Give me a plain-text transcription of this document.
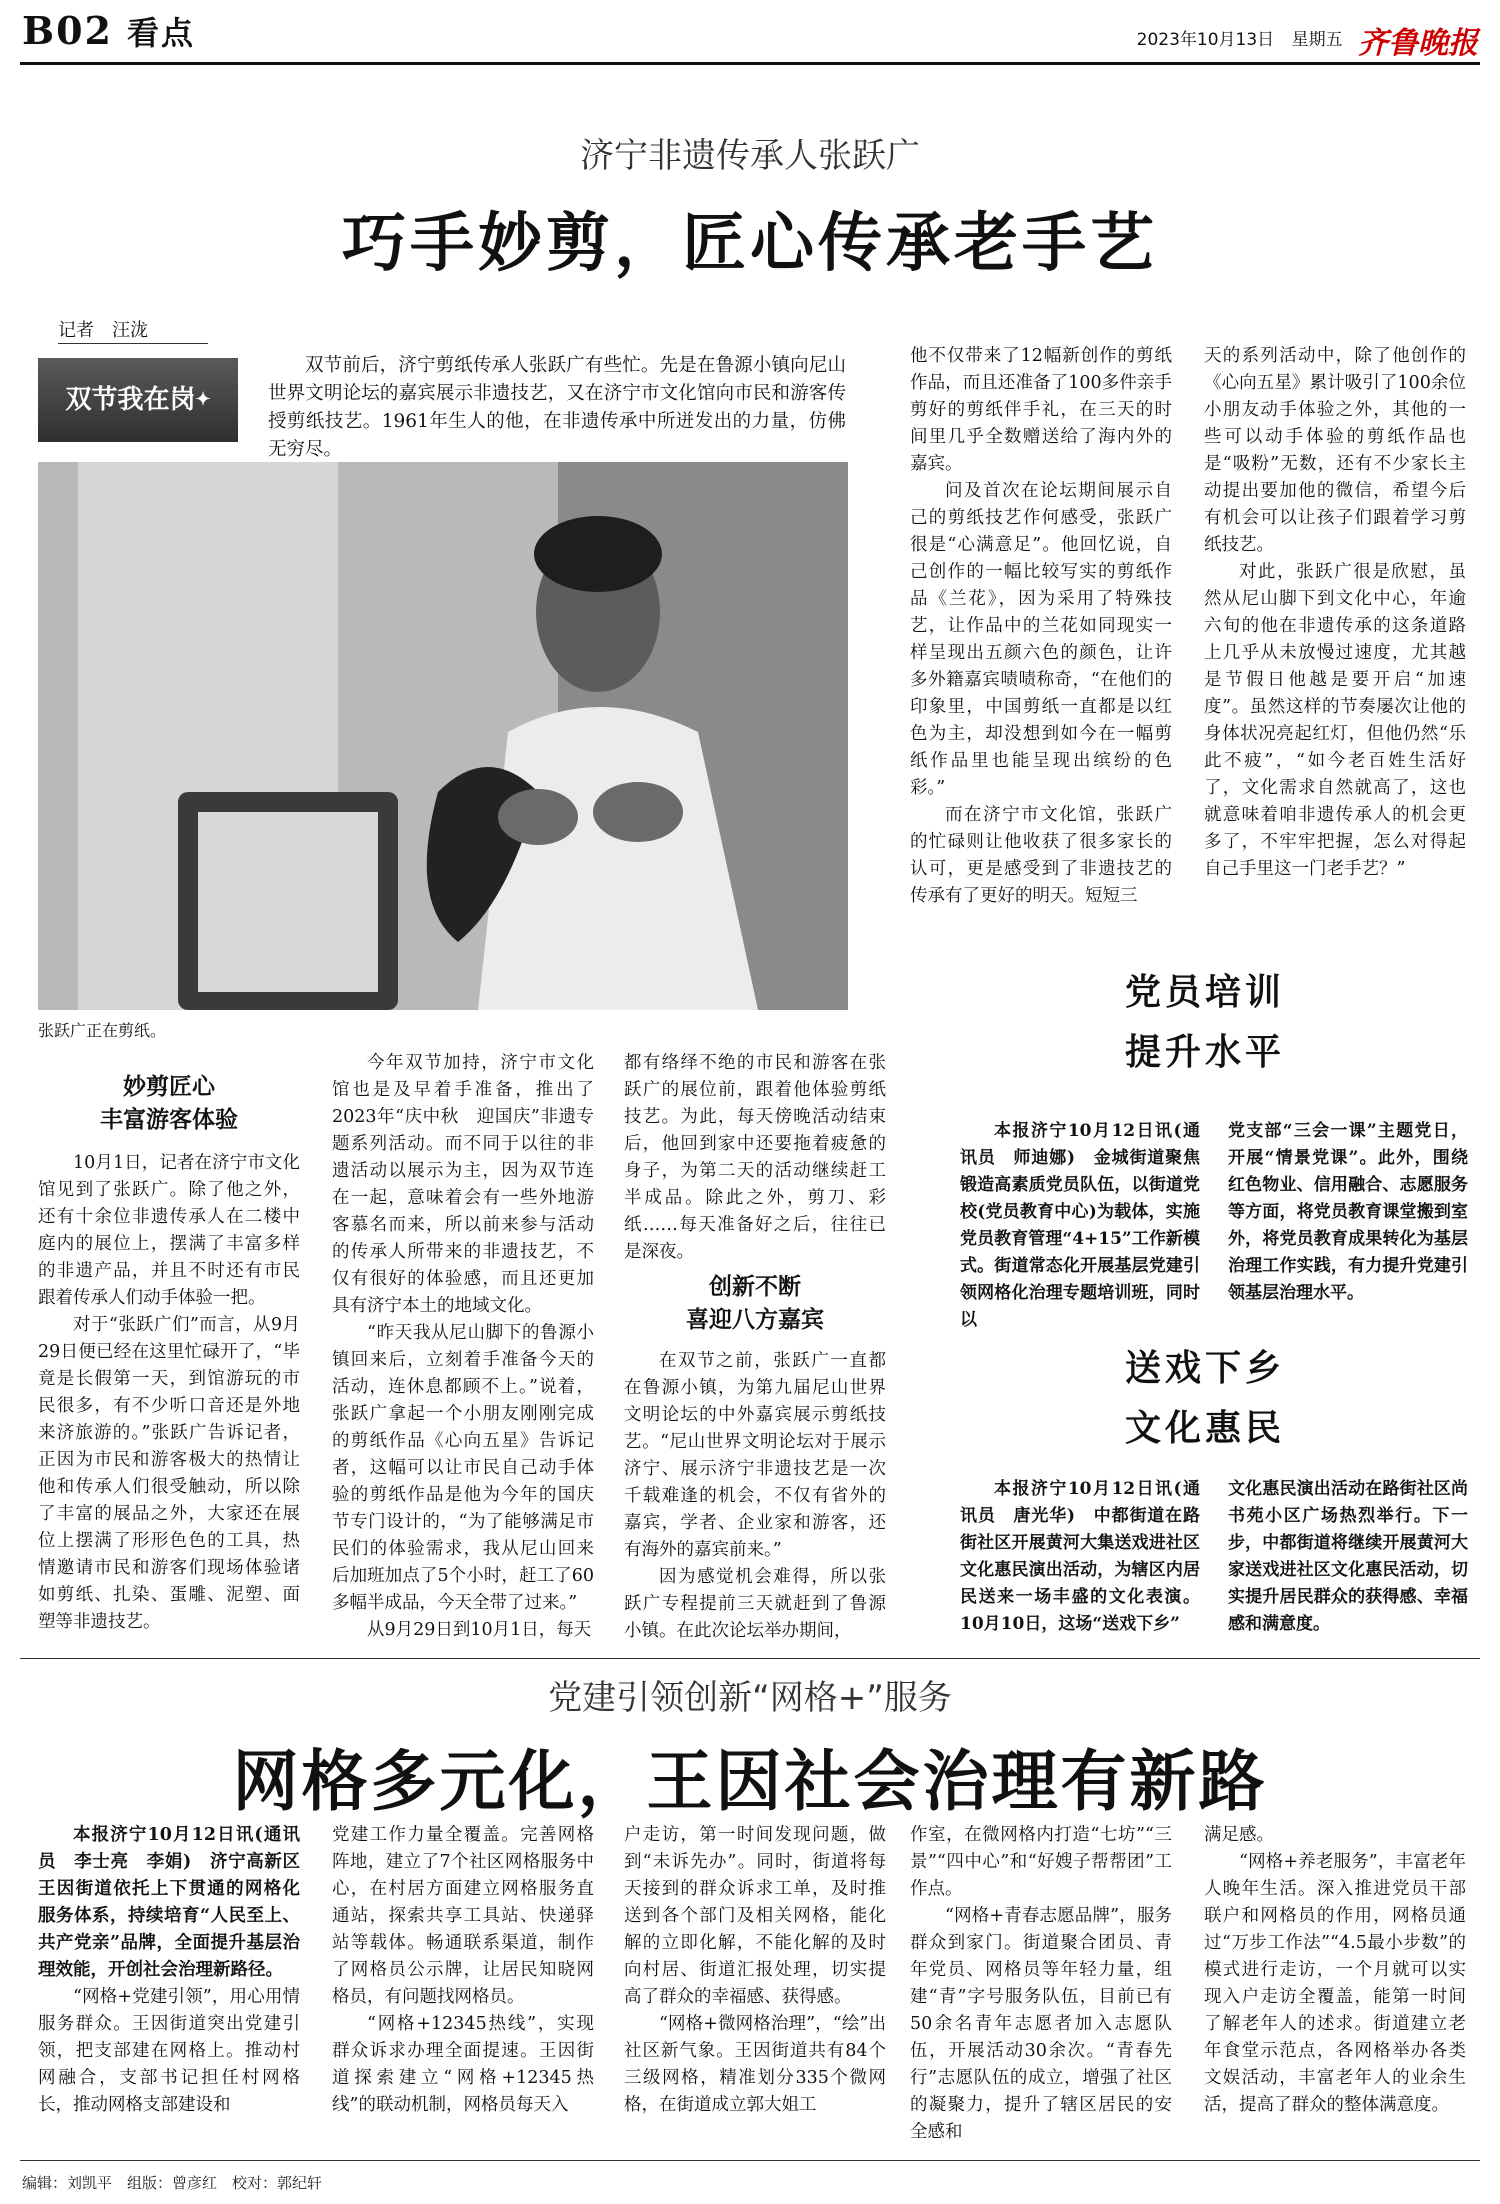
B02 看点	2023年10月13日 星期五 齐鲁晚报
济宁非遗传承人张跃广
巧手妙剪，匠心传承老手艺
记者　汪泷
双节我在岗✦

双节前后，济宁剪纸传承人张跃广有些忙。先是在鲁源小镇向尼山世界文明论坛的嘉宾展示非遗技艺，又在济宁市文化馆向市民和游客传授剪纸技艺。1961年生人的他，在非遗传承中所迸发出的力量，仿佛无穷尽。

张跃广正在剪纸。

他不仅带来了12幅新创作的剪纸作品，而且还准备了100多件亲手剪好的剪纸伴手礼，在三天的时间里几乎全数赠送给了海内外的嘉宾。

问及首次在论坛期间展示自己的剪纸技艺作何感受，张跃广很是“心满意足”。他回忆说，自己创作的一幅比较写实的剪纸作品《兰花》，因为采用了特殊技艺，让作品中的兰花如同现实一样呈现出五颜六色的颜色，让许多外籍嘉宾啧啧称奇，“在他们的印象里，中国剪纸一直都是以红色为主，却没想到如今在一幅剪纸作品里也能呈现出缤纷的色彩。”

而在济宁市文化馆，张跃广的忙碌则让他收获了很多家长的认可，更是感受到了非遗技艺的传承有了更好的明天。短短三

天的系列活动中，除了他创作的《心向五星》累计吸引了100余位小朋友动手体验之外，其他的一些可以动手体验的剪纸作品也是“吸粉”无数，还有不少家长主动提出要加他的微信，希望今后有机会可以让孩子们跟着学习剪纸技艺。

对此，张跃广很是欣慰，虽然从尼山脚下到文化中心，年逾六旬的他在非遗传承的这条道路上几乎从未放慢过速度，尤其越是节假日他越是要开启“加速度”。虽然这样的节奏屡次让他的身体状况亮起红灯，但他仍然“乐此不疲”，“如今老百姓生活好了，文化需求自然就高了，这也就意味着咱非遗传承人的机会更多了，不牢牢把握，怎么对得起自己手里这一门老手艺？”

妙剪匠心
丰富游客体验

10月1日，记者在济宁市文化馆见到了张跃广。除了他之外，还有十余位非遗传承人在二楼中庭内的展位上，摆满了丰富多样的非遗产品，并且不时还有市民跟着传承人们动手体验一把。

对于“张跃广们”而言，从9月29日便已经在这里忙碌开了，“毕竟是长假第一天，到馆游玩的市民很多，有不少听口音还是外地来济旅游的。”张跃广告诉记者，正因为市民和游客极大的热情让他和传承人们很受触动，所以除了丰富的展品之外，大家还在展位上摆满了形形色色的工具，热情邀请市民和游客们现场体验诸如剪纸、扎染、蛋雕、泥塑、面塑等非遗技艺。

今年双节加持，济宁市文化馆也是及早着手准备，推出了2023年“庆中秋　迎国庆”非遗专题系列活动。而不同于以往的非遗活动以展示为主，因为双节连在一起，意味着会有一些外地游客慕名而来，所以前来参与活动的传承人所带来的非遗技艺，不仅有很好的体验感，而且还更加具有济宁本土的地域文化。

“昨天我从尼山脚下的鲁源小镇回来后，立刻着手准备今天的活动，连休息都顾不上。”说着，张跃广拿起一个小朋友刚刚完成的剪纸作品《心向五星》告诉记者，这幅可以让市民自己动手体验的剪纸作品是他为今年的国庆节专门设计的，“为了能够满足市民们的体验需求，我从尼山回来后加班加点了5个小时，赶工了60多幅半成品，今天全带了过来。”

从9月29日到10月1日，每天

都有络绎不绝的市民和游客在张跃广的展位前，跟着他体验剪纸技艺。为此，每天傍晚活动结束后，他回到家中还要拖着疲惫的身子，为第二天的活动继续赶工半成品。除此之外，剪刀、彩纸……每天准备好之后，往往已是深夜。

创新不断
喜迎八方嘉宾

在双节之前，张跃广一直都在鲁源小镇，为第九届尼山世界文明论坛的中外嘉宾展示剪纸技艺。“尼山世界文明论坛对于展示济宁、展示济宁非遗技艺是一次千载难逢的机会，不仅有省外的嘉宾，学者、企业家和游客，还有海外的嘉宾前来。”

因为感觉机会难得，所以张跃广专程提前三天就赶到了鲁源小镇。在此次论坛举办期间，

党员培训
提升水平

本报济宁10月12日讯(通讯员　师迪娜)　金城街道聚焦锻造高素质党员队伍，以街道党校(党员教育中心)为载体，实施党员教育管理“4+15”工作新模式。街道常态化开展基层党建引领网格化治理专题培训班，同时以

党支部“三会一课”主题党日，开展“情景党课”。此外，围绕红色物业、信用融合、志愿服务等方面，将党员教育课堂搬到室外，将党员教育成果转化为基层治理工作实践，有力提升党建引领基层治理水平。

送戏下乡
文化惠民

本报济宁10月12日讯(通讯员　唐光华)　中都街道在路街社区开展黄河大集送戏进社区文化惠民演出活动，为辖区内居民送来一场丰盛的文化表演。10月10日，这场“送戏下乡”

文化惠民演出活动在路街社区尚书苑小区广场热烈举行。下一步，中都街道将继续开展黄河大家送戏进社区文化惠民活动，切实提升居民群众的获得感、幸福感和满意度。

党建引领创新“网格+”服务
网格多元化，王因社会治理有新路

本报济宁10月12日讯(通讯员　李士亮　李娟)　济宁高新区王因街道依托上下贯通的网格化服务体系，持续培育“人民至上、共产党亲”品牌，全面提升基层治理效能，开创社会治理新路径。

“网格+党建引领”，用心用情服务群众。王因街道突出党建引领，把支部建在网格上。推动村网融合，支部书记担任村网格长，推动网格支部建设和

党建工作力量全覆盖。完善网格阵地，建立了7个社区网格服务中心，在村居方面建立网格服务直通站，探索共享工具站、快递驿站等载体。畅通联系渠道，制作了网格员公示牌，让居民知晓网格员，有问题找网格员。

“网格+12345热线”，实现群众诉求办理全面提速。王因街道探索建立“网格+12345热线”的联动机制，网格员每天入

户走访，第一时间发现问题，做到“未诉先办”。同时，街道将每天接到的群众诉求工单，及时推送到各个部门及相关网格，能化解的立即化解，不能化解的及时向村居、街道汇报处理，切实提高了群众的幸福感、获得感。

“网格+微网格治理”，“绘”出社区新气象。王因街道共有84个三级网格，精准划分335个微网格，在街道成立郭大姐工

作室，在微网格内打造“七坊”“三景”“四中心”和“好嫂子帮帮团”工作点。

“网格+青春志愿品牌”，服务群众到家门。街道聚合团员、青年党员、网格员等年轻力量，组建“青”字号服务队伍，目前已有50余名青年志愿者加入志愿队伍，开展活动30余次。“青春先行”志愿队伍的成立，增强了社区的凝聚力，提升了辖区居民的安全感和

满足感。

“网格+养老服务”，丰富老年人晚年生活。深入推进党员干部联户和网格员的作用，网格员通过“万步工作法”“4.5最小步数”的模式进行走访，一个月就可以实现入户走访全覆盖，能第一时间了解老年人的述求。街道建立老年食堂示范点，各网格举办各类文娱活动，丰富老年人的业余生活，提高了群众的整体满意度。

编辑：刘凯平　组版：曾彦红　校对：郭纪轩
